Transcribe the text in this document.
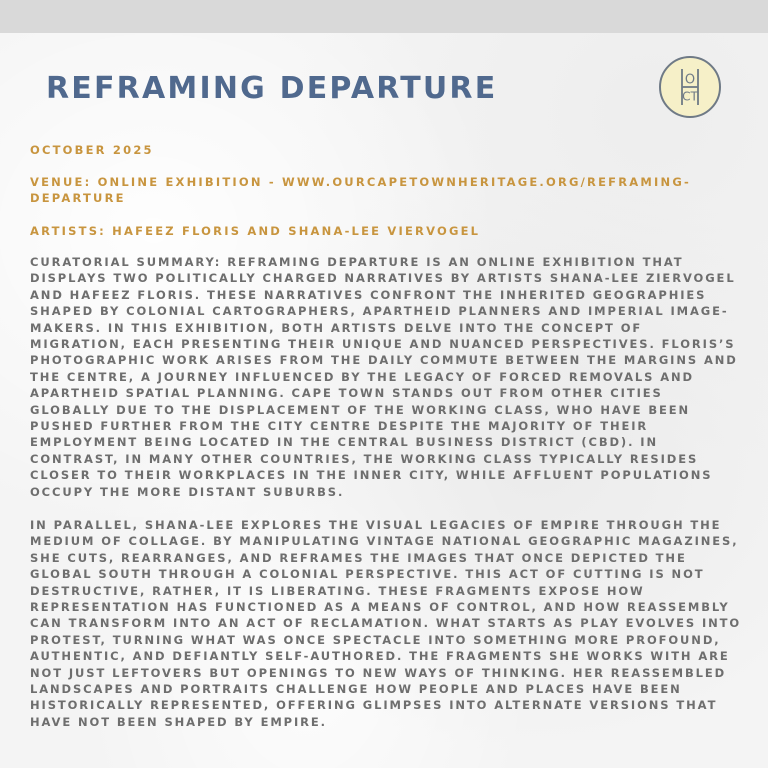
O
CT
REFRAMING DEPARTURE

OCTOBER 2025

VENUE: ONLINE EXHIBITION - WWW.OURCAPETOWNHERITAGE.ORG/REFRAMING-DEPARTURE

ARTISTS: HAFEEZ FLORIS AND SHANA-LEE VIERVOGEL

CURATORIAL SUMMARY: REFRAMING DEPARTURE IS AN ONLINE EXHIBITION THAT DISPLAYS TWO POLITICALLY CHARGED NARRATIVES BY ARTISTS SHANA-LEE ZIERVOGEL AND HAFEEZ FLORIS. THESE NARRATIVES CONFRONT THE INHERITED GEOGRAPHIES SHAPED BY COLONIAL CARTOGRAPHERS, APARTHEID PLANNERS AND IMPERIAL IMAGE-MAKERS. IN THIS EXHIBITION, BOTH ARTISTS DELVE INTO THE CONCEPT OF MIGRATION, EACH PRESENTING THEIR UNIQUE AND NUANCED PERSPECTIVES. FLORIS’S PHOTOGRAPHIC WORK ARISES FROM THE DAILY COMMUTE BETWEEN THE MARGINS AND THE CENTRE, A JOURNEY INFLUENCED BY THE LEGACY OF FORCED REMOVALS AND APARTHEID SPATIAL PLANNING. CAPE TOWN STANDS OUT FROM OTHER CITIES GLOBALLY DUE TO THE DISPLACEMENT OF THE WORKING CLASS, WHO HAVE BEEN PUSHED FURTHER FROM THE CITY CENTRE DESPITE THE MAJORITY OF THEIR EMPLOYMENT BEING LOCATED IN THE CENTRAL BUSINESS DISTRICT (CBD). IN CONTRAST, IN MANY OTHER COUNTRIES, THE WORKING CLASS TYPICALLY RESIDES CLOSER TO THEIR WORKPLACES IN THE INNER CITY, WHILE AFFLUENT POPULATIONS OCCUPY THE MORE DISTANT SUBURBS.

IN PARALLEL, SHANA-LEE EXPLORES THE VISUAL LEGACIES OF EMPIRE THROUGH THE MEDIUM OF COLLAGE. BY MANIPULATING VINTAGE NATIONAL GEOGRAPHIC MAGAZINES, SHE CUTS, REARRANGES, AND REFRAMES THE IMAGES THAT ONCE DEPICTED THE GLOBAL SOUTH THROUGH A COLONIAL PERSPECTIVE. THIS ACT OF CUTTING IS NOT DESTRUCTIVE, RATHER, IT IS LIBERATING. THESE FRAGMENTS EXPOSE HOW REPRESENTATION HAS FUNCTIONED AS A MEANS OF CONTROL, AND HOW REASSEMBLY CAN TRANSFORM INTO AN ACT OF RECLAMATION. WHAT STARTS AS PLAY EVOLVES INTO PROTEST, TURNING WHAT WAS ONCE SPECTACLE INTO SOMETHING MORE PROFOUND, AUTHENTIC, AND DEFIANTLY SELF-AUTHORED. THE FRAGMENTS SHE WORKS WITH ARE NOT JUST LEFTOVERS BUT OPENINGS TO NEW WAYS OF THINKING. HER REASSEMBLED LANDSCAPES AND PORTRAITS CHALLENGE HOW PEOPLE AND PLACES HAVE BEEN HISTORICALLY REPRESENTED, OFFERING GLIMPSES INTO ALTERNATE VERSIONS THAT HAVE NOT BEEN SHAPED BY EMPIRE.
